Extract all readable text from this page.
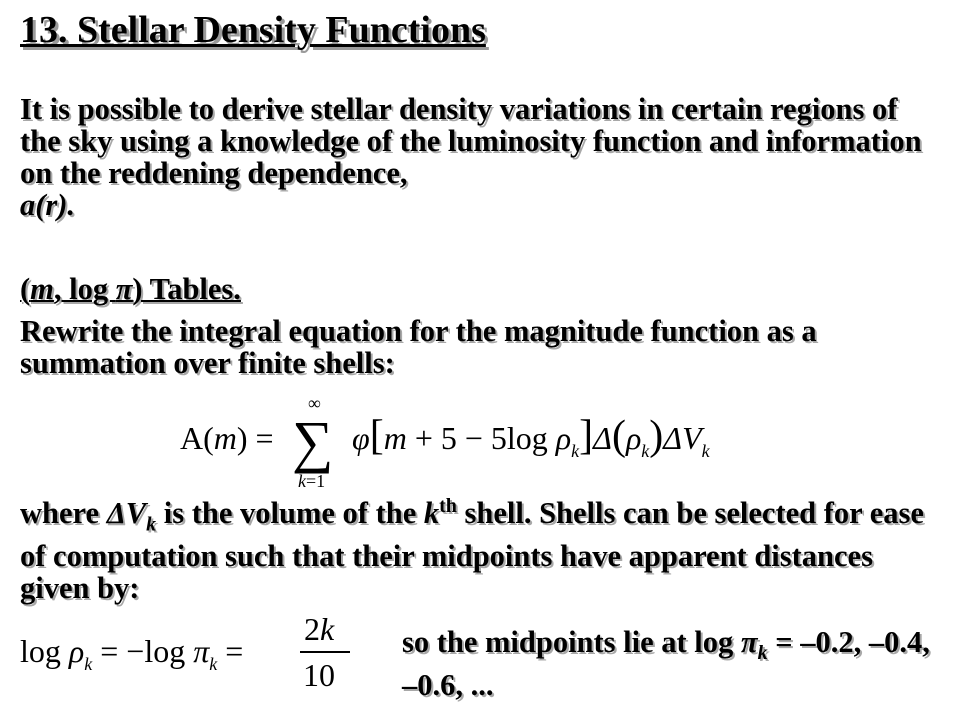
13. Stellar Density Functions
It is possible to derive stellar density variations in certain regions of the sky using a knowledge of the luminosity function and information on the reddening dependence,
a(r).
(m, log π) Tables.
Rewrite the integral equation for the magnitude function as a summation over finite shells:
A(m) =
∞
∑
k=1
φ[m + 5 − 5log $\rho_k]\Delta(\rho_k)\Delta V_k$
where $\Delta V_k$ is the volume of the $k^{th}$ shell. Shells can be selected for ease of computation such that their midpoints have apparent distances given by:
$\log \rho_k = -\log$ $\pi_k$ =
2k
10
so the midpoints lie at $\log \pi_k = -0.2$, –0.4, –0.6, ...
